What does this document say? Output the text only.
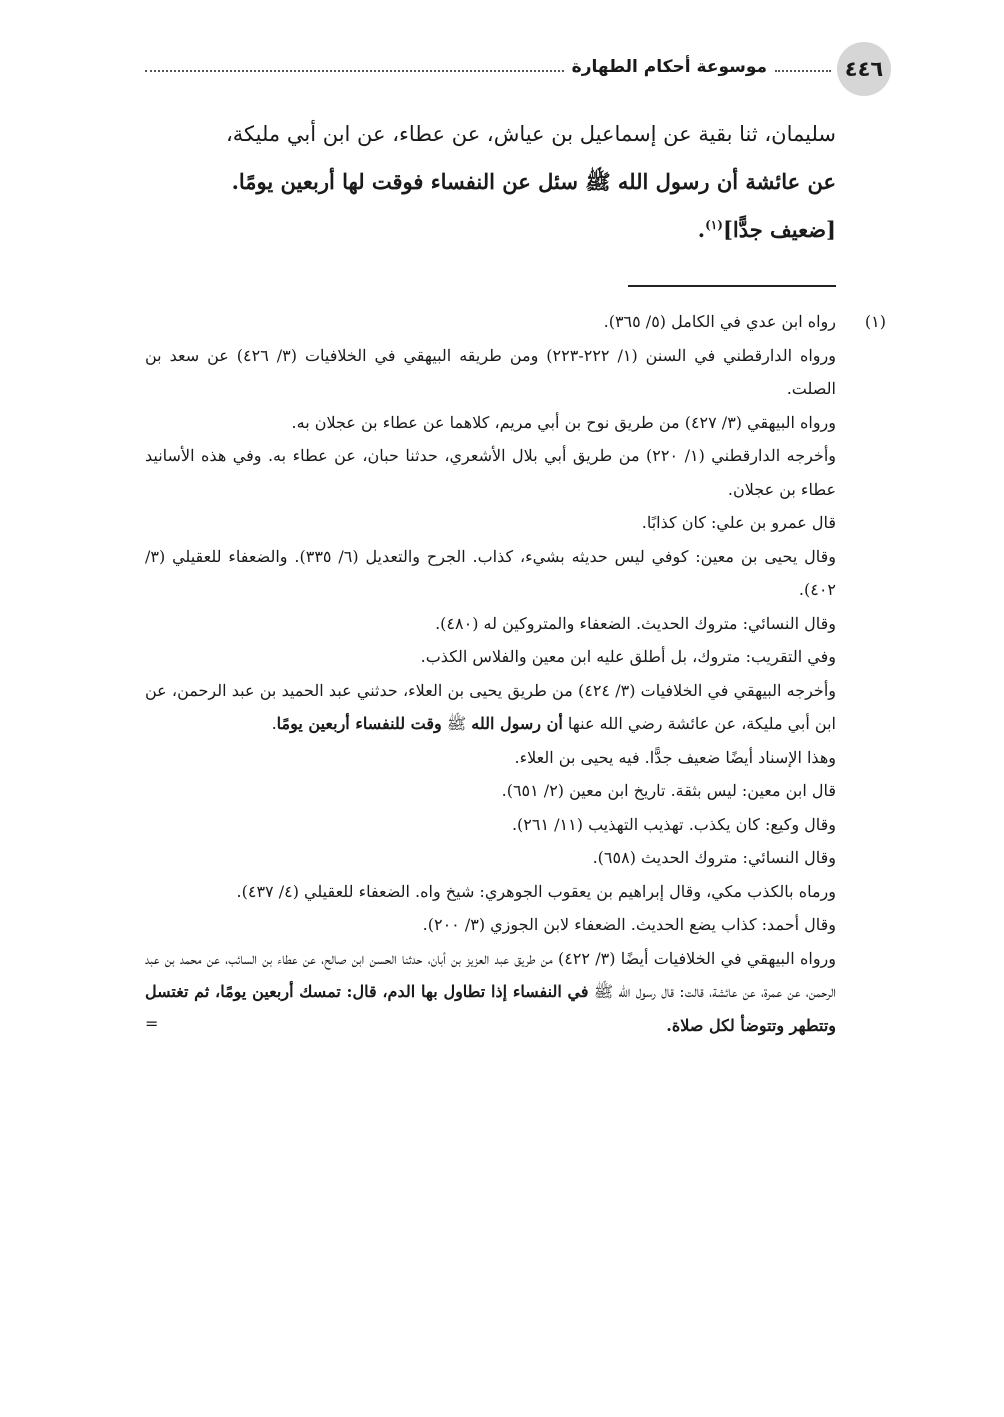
٤٤٦
موسوعة أحكام الطهارة

سليمان، ثنا بقية عن إسماعيل بن عياش، عن عطاء، عن ابن أبي مليكة،

عن عائشة أن رسول الله ﷺ سئل عن النفساء فوقت لها أربعين يومًا.

[ضعيف جدًّا]$^{(١)}$.

(١)

رواه ابن عدي في الكامل (٥/ ٣٦٥).

ورواه الدارقطني في السنن (١/ ٢٢٢-٢٢٣) ومن طريقه البيهقي في الخلافيات (٣/ ٤٢٦) عن سعد بن الصلت.

ورواه البيهقي (٣/ ٤٢٧) من طريق نوح بن أبي مريم، كلاهما عن عطاء بن عجلان به.

وأخرجه الدارقطني (١/ ٢٢٠) من طريق أبي بلال الأشعري، حدثنا حبان، عن عطاء به. وفي هذه الأسانيد عطاء بن عجلان.

قال عمرو بن علي: كان كذابًا.

وقال يحيى بن معين: كوفي ليس حديثه بشيء، كذاب. الجرح والتعديل (٦/ ٣٣٥). والضعفاء للعقيلي (٣/ ٤٠٢).

وقال النسائي: متروك الحديث. الضعفاء والمتروكين له (٤٨٠).

وفي التقريب: متروك، بل أطلق عليه ابن معين والفلاس الكذب.

وأخرجه البيهقي في الخلافيات (٣/ ٤٢٤) من طريق يحيى بن العلاء، حدثني عبد الحميد بن عبد الرحمن، عن ابن أبي مليكة، عن عائشة رضي الله عنها أن رسول الله ﷺ وقت للنفساء أربعين يومًا.

وهذا الإسناد أيضًا ضعيف جدًّا. فيه يحيى بن العلاء.

قال ابن معين: ليس بثقة. تاريخ ابن معين (٢/ ٦٥١).

وقال وكيع: كان يكذب. تهذيب التهذيب (١١/ ٢٦١).

وقال النسائي: متروك الحديث (٦٥٨).

ورماه بالكذب مكي، وقال إبراهيم بن يعقوب الجوهري: شيخ واه. الضعفاء للعقيلي (٤/ ٤٣٧).

وقال أحمد: كذاب يضع الحديث. الضعفاء لابن الجوزي (٣/ ٢٠٠).

ورواه البيهقي في الخلافيات أيضًا (٣/ ٤٢٢) من طريق عبد العزيز بن أبان، حدثنا الحسن ابن صالح، عن عطاء بن السائب، عن محمد بن عبد الرحمن، عن عمرة، عن عائشة، قالت: قال رسول الله ﷺ في النفساء إذا تطاول بها الدم، قال: تمسك أربعين يومًا، ثم تغتسل وتتطهر وتتوضأ لكل صلاة.
=
